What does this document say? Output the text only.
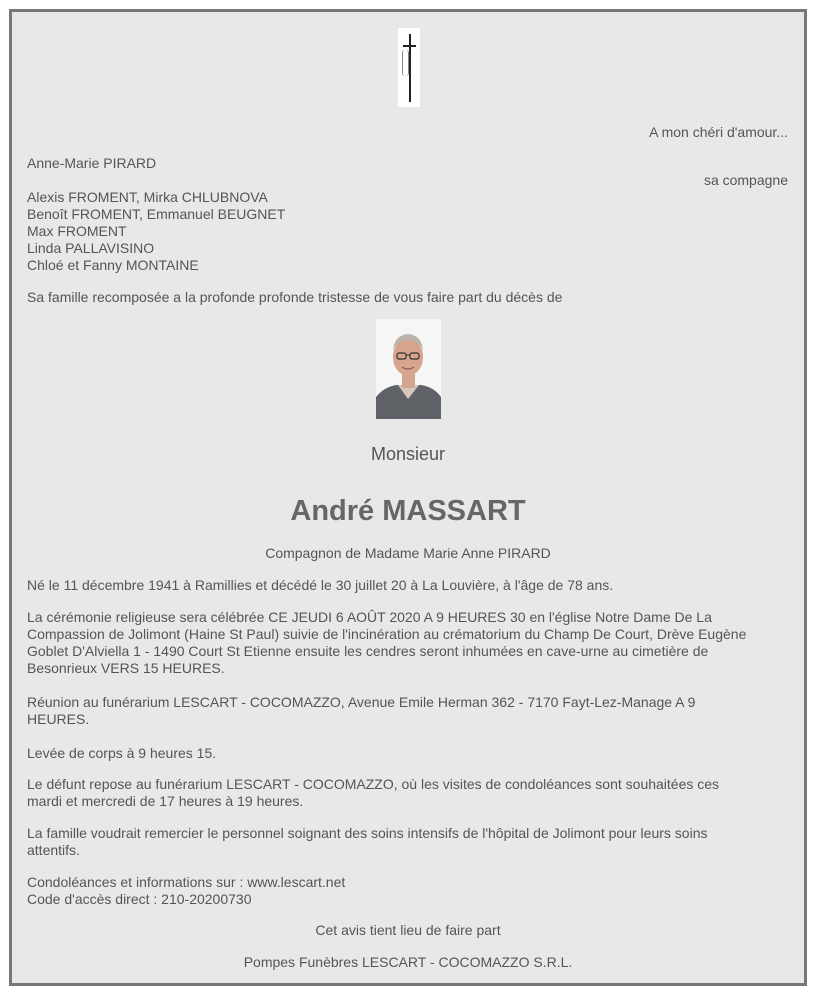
A mon chéri d'amour...
Anne-Marie PIRARD
sa compagne
Alexis FROMENT, Mirka CHLUBNOVA
Benoît FROMENT, Emmanuel BEUGNET
Max FROMENT
Linda PALLAVISINO
Chloé et Fanny MONTAINE
Sa famille recomposée a la profonde profonde tristesse de vous faire part du décès de
Monsieur
André MASSART
Compagnon de Madame Marie Anne PIRARD
Né le 11 décembre 1941 à Ramillies et décédé le 30 juillet 20 à La Louvière, à l'âge de 78 ans.
La cérémonie religieuse sera célébrée CE JEUDI 6 AOÛT 2020 A 9 HEURES 30 en l'église Notre Dame De La
Compassion de Jolimont (Haine St Paul) suivie de l'incinération au crématorium du Champ De Court, Drève Eugène
Goblet D'Alviella 1 - 1490 Court St Etienne ensuite les cendres seront inhumées en cave-urne au cimetière de
Besonrieux VERS 15 HEURES.
Réunion au funérarium LESCART - COCOMAZZO, Avenue Emile Herman 362 - 7170 Fayt-Lez-Manage A 9
HEURES.
Levée de corps à 9 heures 15.
Le défunt repose au funérarium LESCART - COCOMAZZO, où les visites de condoléances sont souhaitées ces
mardi et mercredi de 17 heures à 19 heures.
La famille voudrait remercier le personnel soignant des soins intensifs de l'hôpital de Jolimont pour leurs soins
attentifs.
Condoléances et informations sur : www.lescart.net
Code d'accès direct : 210-20200730
Cet avis tient lieu de faire part
Pompes Funèbres LESCART - COCOMAZZO S.R.L.
